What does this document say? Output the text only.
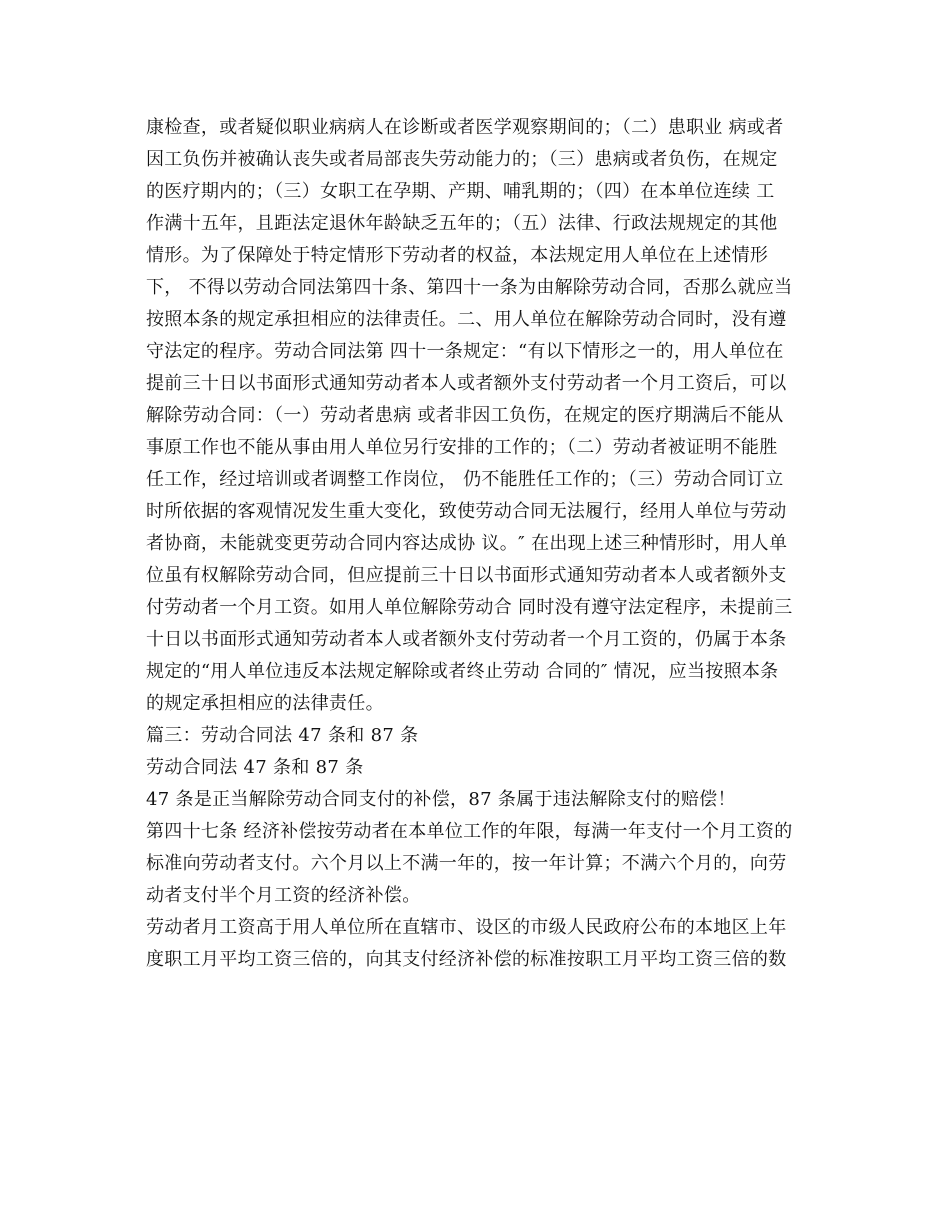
康检查，或者疑似职业病病人在诊断或者医学观察期间的；（二）患职业 病或者
因工负伤并被确认丧失或者局部丧失劳动能力的；（三）患病或者负伤，在规定
的医疗期内的；（三）女职工在孕期、产期、哺乳期的；（四）在本单位连续 工
作满十五年，且距法定退休年龄缺乏五年的；（五）法律、行政法规规定的其他
情形。为了保障处于特定情形下劳动者的权益，本法规定用人单位在上述情形
下， 不得以劳动合同法第四十条、第四十一条为由解除劳动合同，否那么就应当
按照本条的规定承担相应的法律责任。二、用人单位在解除劳动合同时，没有遵
守法定的程序。劳动合同法第 四十一条规定：“有以下情形之一的，用人单位在
提前三十日以书面形式通知劳动者本人或者额外支付劳动者一个月工资后，可以
解除劳动合同：（一）劳动者患病 或者非因工负伤，在规定的医疗期满后不能从
事原工作也不能从事由用人单位另行安排的工作的；（二）劳动者被证明不能胜
任工作，经过培训或者调整工作岗位， 仍不能胜任工作的；（三）劳动合同订立
时所依据的客观情况发生重大变化，致使劳动合同无法履行，经用人单位与劳动
者协商，未能就变更劳动合同内容达成协 议。″ 在出现上述三种情形时，用人单
位虽有权解除劳动合同，但应提前三十日以书面形式通知劳动者本人或者额外支
付劳动者一个月工资。如用人单位解除劳动合 同时没有遵守法定程序，未提前三
十日以书面形式通知劳动者本人或者额外支付劳动者一个月工资的，仍属于本条
规定的“用人单位违反本法规定解除或者终止劳动 合同的″ 情况，应当按照本条
的规定承担相应的法律责任。
篇三：劳动合同法 47 条和 87 条
劳动合同法 47 条和 87 条
47 条是正当解除劳动合同支付的补偿，87 条属于违法解除支付的赔偿！
第四十七条 经济补偿按劳动者在本单位工作的年限，每满一年支付一个月工资的
标准向劳动者支付。六个月以上不满一年的，按一年计算；不满六个月的，向劳
动者支付半个月工资的经济补偿。
劳动者月工资高于用人单位所在直辖市、设区的市级人民政府公布的本地区上年
度职工月平均工资三倍的，向其支付经济补偿的标准按职工月平均工资三倍的数
